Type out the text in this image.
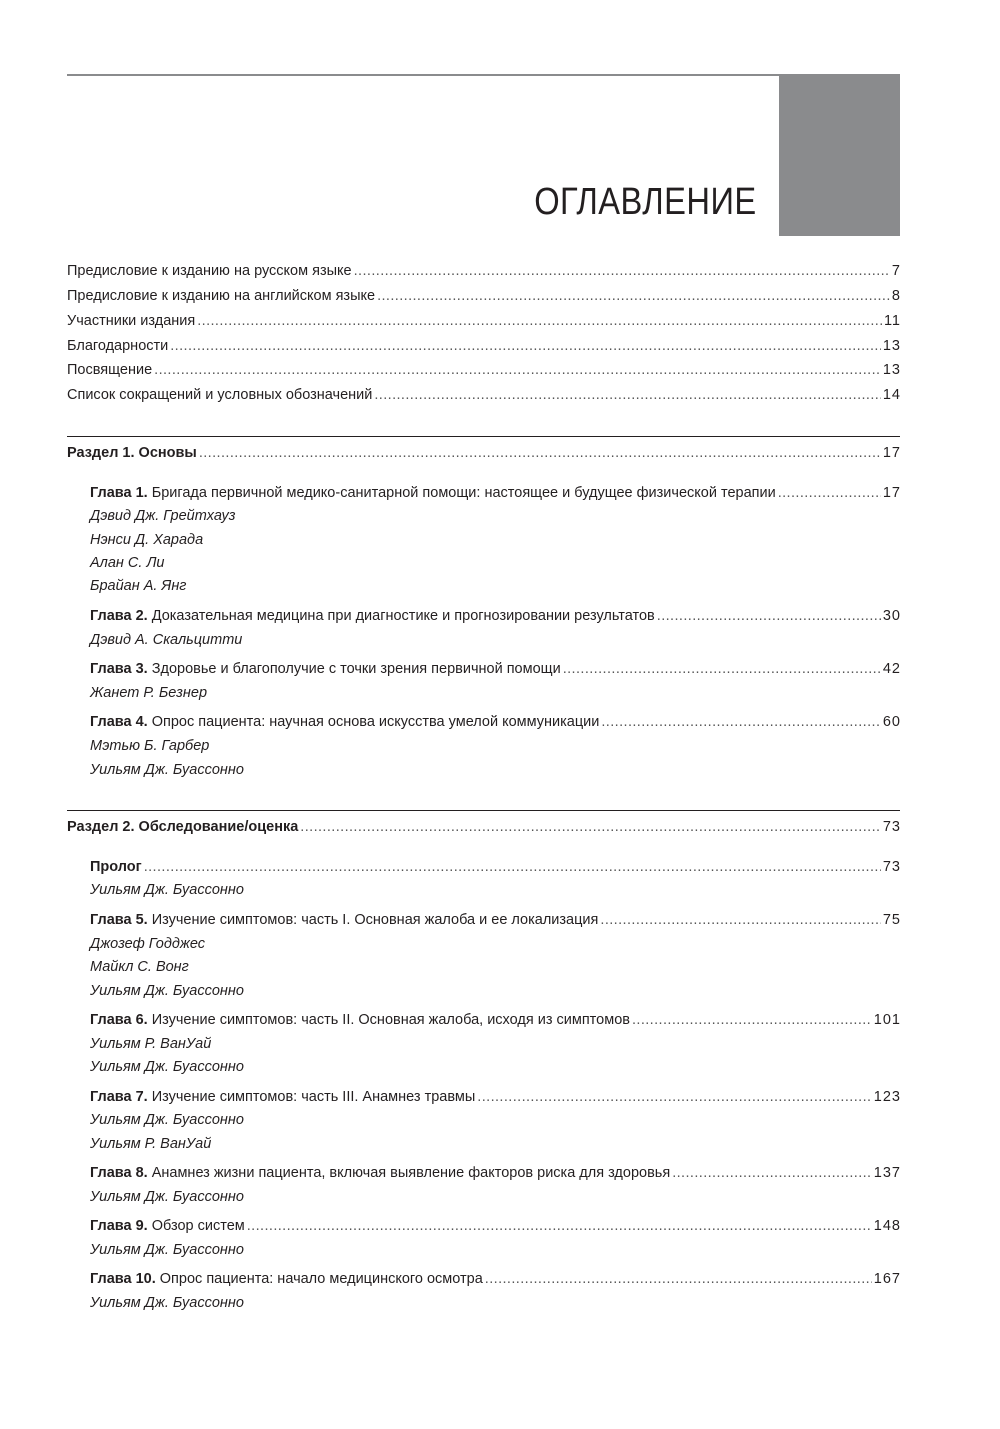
ОГЛАВЛЕНИЕ
Предисловие к изданию на русском языке .....	7
Предисловие к изданию на английском языке .....	8
Участники издания .....	11
Благодарности .....	13
Посвящение .....	13
Список сокращений и условных обозначений .....	14
Раздел 1. Основы .....	17
Глава 1. Бригада первичной медико-санитарной помощи: настоящее и будущее физической терапии .....	17
Дэвид Дж. Грейтхауз
Нэнси Д. Харада
Алан С. Ли
Брайан А. Янг
Глава 2. Доказательная медицина при диагностике и прогнозировании результатов .....	30
Дэвид А. Скальцитти
Глава 3. Здоровье и благополучие с точки зрения первичной помощи .....	42
Жанет Р. Безнер
Глава 4. Опрос пациента: научная основа искусства умелой коммуникации .....	60
Мэтью Б. Гарбер
Уильям Дж. Буассонно
Раздел 2. Обследование/оценка .....	73
Пролог .....	73
Уильям Дж. Буассонно
Глава 5. Изучение симптомов: часть I. Основная жалоба и ее локализация .....	75
Джозеф Годджес
Майкл С. Вонг
Уильям Дж. Буассонно
Глава 6. Изучение симптомов: часть II. Основная жалоба, исходя из симптомов .....	101
Уильям Р. ВанУай
Уильям Дж. Буассонно
Глава 7. Изучение симптомов: часть III. Анамнез травмы .....	123
Уильям Дж. Буассонно
Уильям Р. ВанУай
Глава 8. Анамнез жизни пациента, включая выявление факторов риска для здоровья .....	137
Уильям Дж. Буассонно
Глава 9. Обзор систем .....	148
Уильям Дж. Буассонно
Глава 10. Опрос пациента: начало медицинского осмотра .....	167
Уильям Дж. Буассонно
